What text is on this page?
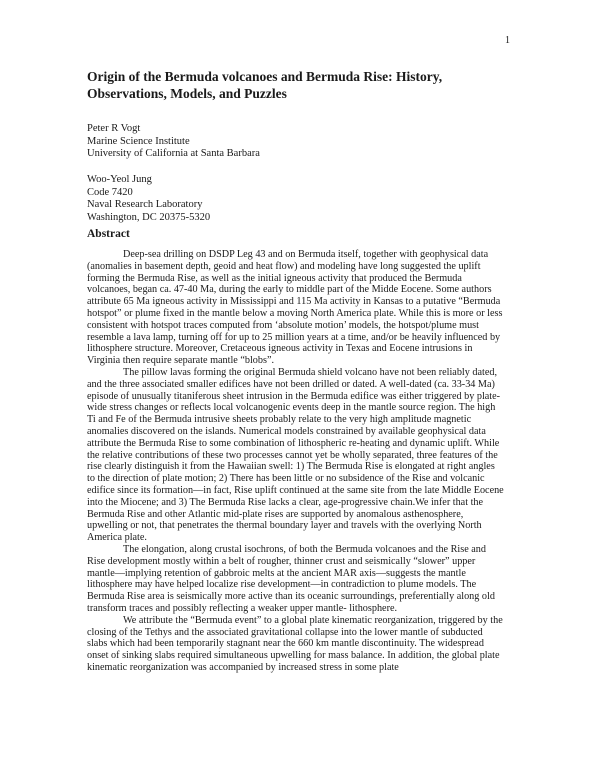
1
Origin of the Bermuda volcanoes and Bermuda Rise: History,
Observations, Models, and Puzzles
Peter R Vogt
Marine Science Institute
University of California at Santa Barbara
Woo-Yeol Jung
Code 7420
Naval Research Laboratory
Washington, DC 20375-5320
Abstract

Deep-sea drilling on DSDP Leg 43 and on Bermuda itself, together with geophysical data (anomalies in basement depth, geoid and heat flow) and modeling have long suggested the uplift forming the Bermuda Rise, as well as the initial igneous activity that produced the Bermuda volcanoes, began ca. 47-40 Ma, during the early to middle part of the Midde Eocene. Some authors attribute 65 Ma igneous activity in Mississippi and 115 Ma activity in Kansas to a putative “Bermuda hotspot” or plume fixed in the mantle below a moving North America plate. While this is more or less consistent with hotspot traces computed from ‘absolute motion’ models, the hotspot/plume must resemble a lava lamp, turning off for up to 25 million years at a time, and/or be heavily influenced by lithosphere structure. Moreover, Cretaceous igneous activity in Texas and Eocene intrusions in Virginia then require separate mantle “blobs”.

The pillow lavas forming the original Bermuda shield volcano have not been reliably dated, and the three associated smaller edifices have not been drilled or dated. A well-dated (ca. 33-34 Ma) episode of unusually titaniferous sheet intrusion in the Bermuda edifice was either triggered by plate-wide stress changes or reflects local volcanogenic events deep in the mantle source region. The high Ti and Fe of the Bermuda intrusive sheets probably relate to the very high amplitude magnetic anomalies discovered on the islands. Numerical models constrained by available geophysical data attribute the Bermuda Rise to some combination of lithospheric re-heating and dynamic uplift. While the relative contributions of these two processes cannot yet be wholly separated, three features of the rise clearly distinguish it from the Hawaiian swell: 1) The Bermuda Rise is elongated at right angles to the direction of plate motion; 2) There has been little or no subsidence of the Rise and volcanic edifice since its formation—in fact, Rise uplift continued at the same site from the late Middle Eocene into the Miocene; and 3) The Bermuda Rise lacks a clear, age-progressive chain.We infer that the Bermuda Rise and other Atlantic mid-plate rises are supported by anomalous asthenosphere, upwelling or not, that penetrates the thermal boundary layer and travels with the overlying North America plate.

The elongation, along crustal isochrons, of both the Bermuda volcanoes and the Rise and Rise development mostly within a belt of rougher, thinner crust and seismically “slower” upper mantle—implying retention of gabbroic melts at the ancient MAR axis—suggests the mantle lithosphere may have helped localize rise development—in contradiction to plume models. The Bermuda Rise area is seismically more active than its oceanic surroundings, preferentially along old transform traces and possibly reflecting a weaker upper mantle- lithosphere.

We attribute the “Bermuda event” to a global plate kinematic reorganization, triggered by the closing of the Tethys and the associated gravitational collapse into the lower mantle of subducted slabs which had been temporarily stagnant near the 660 km mantle discontinuity. The widespread onset of sinking slabs required simultaneous upwelling for mass balance. In addition, the global plate kinematic reorganization was accompanied by increased stress in some plate
